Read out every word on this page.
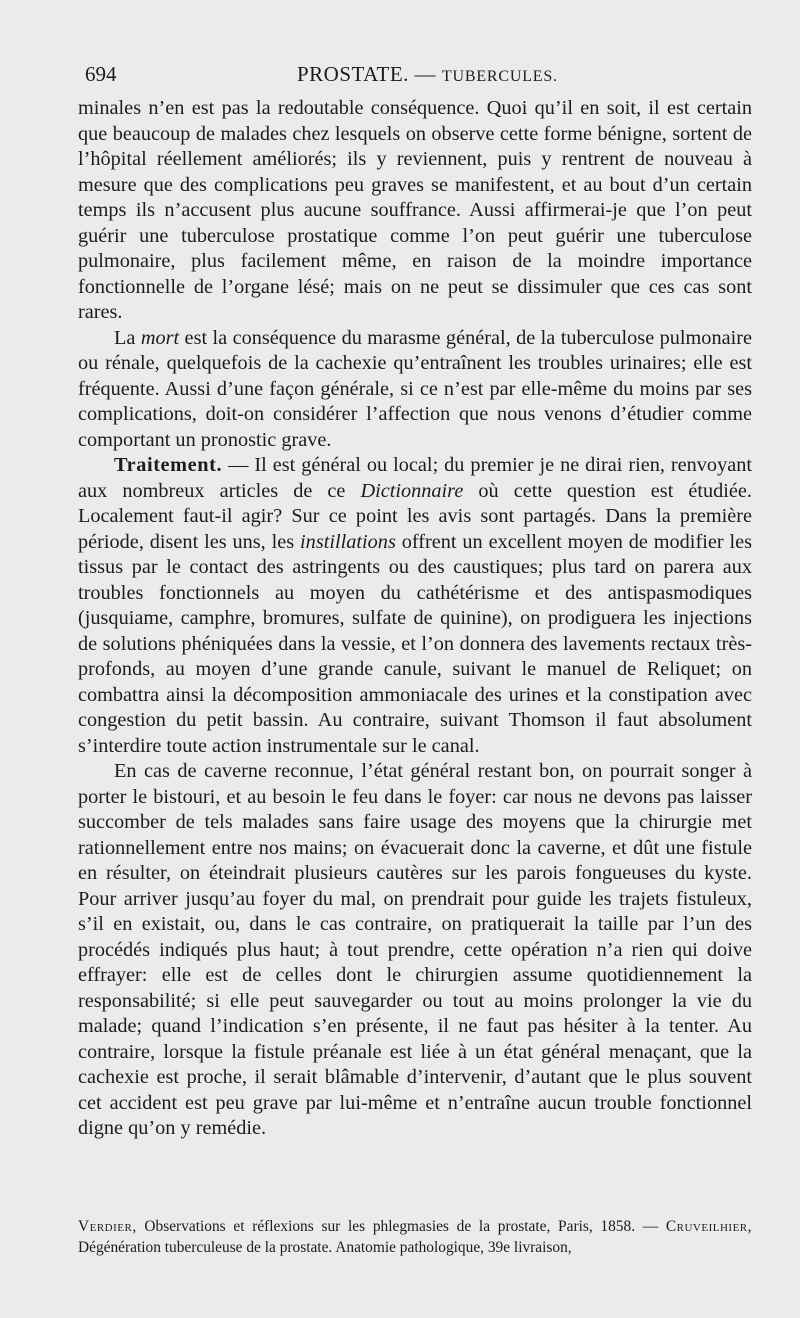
694	PROSTATE. — TUBERCULES.

minales n’en est pas la redoutable conséquence. Quoi qu’il en soit, il est certain que beaucoup de malades chez lesquels on observe cette forme bénigne, sortent de l’hôpital réellement améliorés; ils y reviennent, puis y rentrent de nouveau à mesure que des complications peu graves se manifestent, et au bout d’un certain temps ils n’accusent plus aucune souffrance. Aussi affirmerai-je que l’on peut guérir une tuberculose prostatique comme l’on peut guérir une tuberculose pulmonaire, plus facilement même, en raison de la moindre importance fonctionnelle de l’organe lésé; mais on ne peut se dissimuler que ces cas sont rares.

La mort est la conséquence du marasme général, de la tuberculose pulmonaire ou rénale, quelquefois de la cachexie qu’entraînent les troubles urinaires; elle est fréquente. Aussi d’une façon générale, si ce n’est par elle-même du moins par ses complications, doit-on considérer l’affection que nous venons d’étudier comme comportant un pronostic grave.

Traitement. — Il est général ou local; du premier je ne dirai rien, renvoyant aux nombreux articles de ce Dictionnaire où cette question est étudiée. Localement faut-il agir? Sur ce point les avis sont partagés. Dans la première période, disent les uns, les instillations offrent un excellent moyen de modifier les tissus par le contact des astringents ou des caustiques; plus tard on parera aux troubles fonctionnels au moyen du cathétérisme et des antispasmodiques (jusquiame, camphre, bromures, sulfate de quinine), on prodiguera les injections de solutions phéniquées dans la vessie, et l’on donnera des lavements rectaux très-profonds, au moyen d’une grande canule, suivant le manuel de Reliquet; on combattra ainsi la décomposition ammoniacale des urines et la constipation avec congestion du petit bassin. Au contraire, suivant Thomson il faut absolument s’interdire toute action instrumentale sur le canal.

En cas de caverne reconnue, l’état général restant bon, on pourrait songer à porter le bistouri, et au besoin le feu dans le foyer: car nous ne devons pas laisser succomber de tels malades sans faire usage des moyens que la chirurgie met rationnellement entre nos mains; on évacuerait donc la caverne, et dût une fistule en résulter, on éteindrait plusieurs cautères sur les parois fongueuses du kyste. Pour arriver jusqu’au foyer du mal, on prendrait pour guide les trajets fistuleux, s’il en existait, ou, dans le cas contraire, on pratiquerait la taille par l’un des procédés indiqués plus haut; à tout prendre, cette opération n’a rien qui doive effrayer: elle est de celles dont le chirurgien assume quotidiennement la responsabilité; si elle peut sauvegarder ou tout au moins prolonger la vie du malade; quand l’indication s’en présente, il ne faut pas hésiter à la tenter. Au contraire, lorsque la fistule préanale est liée à un état général menaçant, que la cachexie est proche, il serait blâmable d’intervenir, d’autant que le plus souvent cet accident est peu grave par lui-même et n’entraîne aucun trouble fonctionnel digne qu’on y remédie.

Verdier, Observations et réflexions sur les phlegmasies de la prostate, Paris, 1858. — Cruveilhier, Dégénération tuberculeuse de la prostate. Anatomie pathologique, 39e livraison,
